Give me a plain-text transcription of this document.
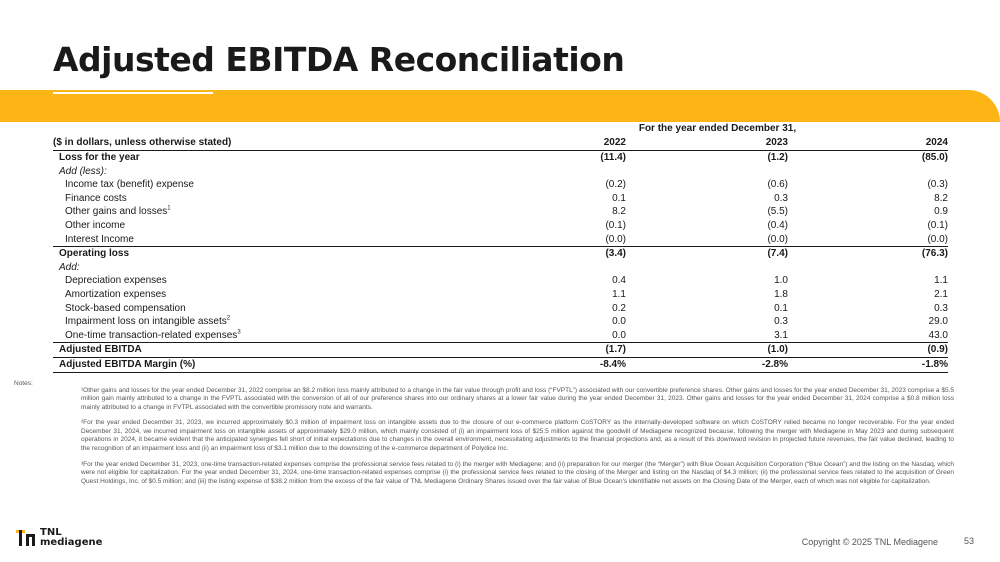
Adjusted EBITDA Reconciliation
For the year ended December 31,
($ in dollars, unless otherwise stated)	2022	2023	2024
Loss for the year	(11.4)	(1.2)	(85.0)
Add (less):
Income tax (benefit) expense	(0.2)	(0.6)	(0.3)
Finance costs	0.1	0.3	8.2
Other gains and losses$^1$	8.2	(5.5)	0.9
Other income	(0.1)	(0.4)	(0.1)
Interest Income	(0.0)	(0.0)	(0.0)
Operating loss	(3.4)	(7.4)	(76.3)
Add:
Depreciation expenses	0.4	1.0	1.1
Amortization expenses	1.1	1.8	2.1
Stock-based compensation	0.2	0.1	0.3
Impairment loss on intangible assets$^2$	0.0	0.3	29.0
One-time transaction-related expenses$^3$	0.0	3.1	43.0
Adjusted EBITDA	(1.7)	(1.0)	(0.9)
Adjusted EBITDA Margin (%)	-8.4%	-2.8%	-1.8%
Notes:

¹Other gains and losses for the year ended December 31, 2022 comprise an $8.2 million loss mainly attributed to a change in the fair value through profit and loss (“FVPTL”) associated with our convertible preference shares. Other gains and losses for the year ended December 31, 2023 comprise a $5.5 million gain mainly attributed to a change in the FVPTL associated with the conversion of all of our preference shares into our ordinary shares at a lower fair value during the year ended December 31, 2023. Other gains and losses for the year ended December 31, 2024 comprise a $0.8 million loss mainly attributed to a change in FVTPL associated with the convertible promissory note and warrants.

²For the year ended December 31, 2023, we incurred approximately $0.3 million of impairment loss on intangible assets due to the closure of our e-commerce platform CoSTORY as the internally-developed software on which CoSTORY relied became no longer recoverable. For the year ended December 31, 2024, we incurred impairment loss on intangible assets of approximately $29.0 million, which mainly consisted of (i) an impairment loss of $25.5 million against the goodwill of Mediagene recognized because, following the merger with Mediagene in May 2023 and during subsequent operations in 2024, it became evident that the anticipated synergies fell short of initial expectations due to changes in the overall environment, necessitating adjustments to the financial projections and, as a result of this downward revision in projected future revenues, the fair value declined, leading to the recognition of an impairment loss and (ii) an impairment loss of $3.1 million due to the downsizing of the e-commerce department of Polydice Inc.

³For the year ended December 31, 2023, one-time transaction-related expenses comprise the professional service fees related to (i) the merger with Mediagene; and (ii) preparation for our merger (the “Merger”) with Blue Ocean Acquisition Corporation (“Blue Ocean”) and the listing on the Nasdaq, which were not eligible for capitalization. For the year ended December 31, 2024, one-time transaction-related expenses comprise (i) the professional service fees related to the closing of the Merger and listing on the Nasdaq of $4.3 million; (ii) the professional service fees related to the acquisition of Green Quest Holdings, Inc. of $0.5 million; and (iii) the listing expense of $38.2 million from the excess of the fair value of TNL Mediagene Ordinary Shares issued over the fair value of Blue Ocean’s identifiable net assets on the Closing Date of the Merger, each of which was not eligible for capitalization.

TNL
mediagene	Copyright © 2025 TNL Mediagene	53
